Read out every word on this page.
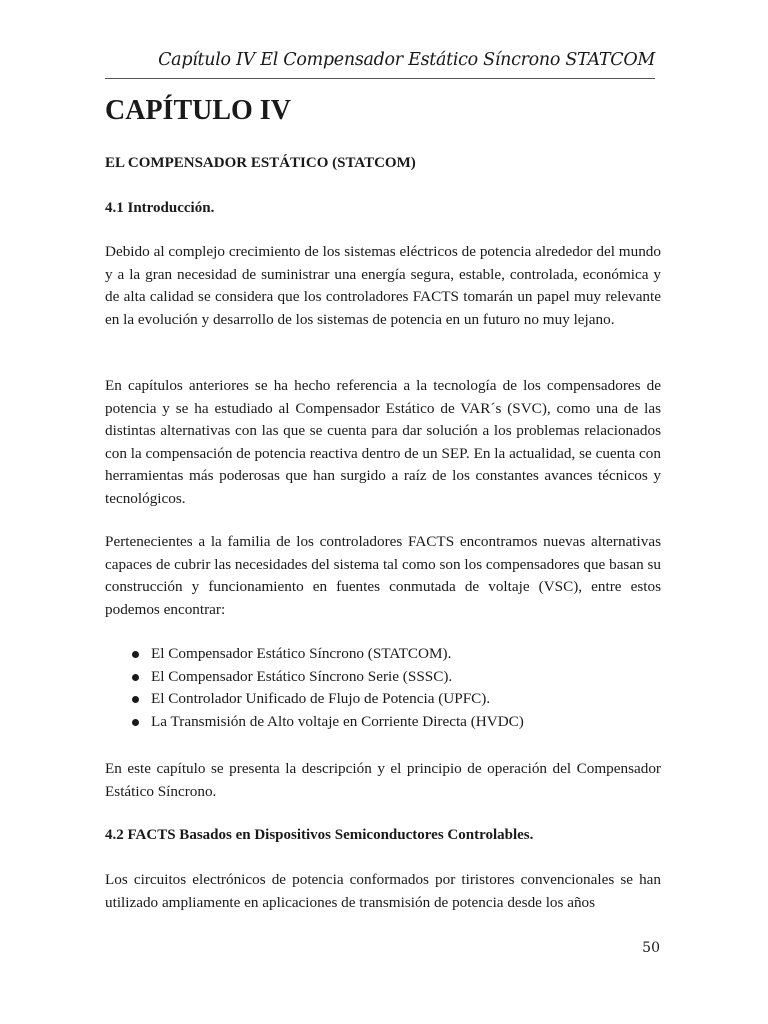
Capítulo IV El Compensador Estático Síncrono STATCOM
CAPÍTULO IV
EL COMPENSADOR ESTÁTICO (STATCOM)
4.1 Introducción.

Debido al complejo crecimiento de los sistemas eléctricos de potencia alrededor del mundo y a la gran necesidad de suministrar una energía segura, estable, controlada, económica y de alta calidad se considera que los controladores FACTS tomarán un papel muy relevante en la evolución y desarrollo de los sistemas de potencia en un futuro no muy lejano.

En capítulos anteriores se ha hecho referencia a la tecnología de los compensadores de potencia y se ha estudiado al Compensador Estático de VAR´s (SVC), como una de las distintas alternativas con las que se cuenta para dar solución a los problemas relacionados con la compensación de potencia reactiva dentro de un SEP. En la actualidad, se cuenta con herramientas más poderosas que han surgido a raíz de los constantes avances técnicos y tecnológicos.

Pertenecientes a la familia de los controladores FACTS encontramos nuevas alternativas capaces de cubrir las necesidades del sistema tal como son los compensadores que basan su construcción y funcionamiento en fuentes conmutada de voltaje (VSC), entre estos podemos encontrar:

El Compensador Estático Síncrono (STATCOM).
El Compensador Estático Síncrono Serie (SSSC).
El Controlador Unificado de Flujo de Potencia (UPFC).
La Transmisión de Alto voltaje en Corriente Directa (HVDC)

En este capítulo se presenta la descripción y el principio de operación del Compensador Estático Síncrono.

4.2 FACTS Basados en Dispositivos Semiconductores Controlables.

Los circuitos electrónicos de potencia conformados por tiristores convencionales se han utilizado ampliamente en aplicaciones de transmisión de potencia desde los años

50
